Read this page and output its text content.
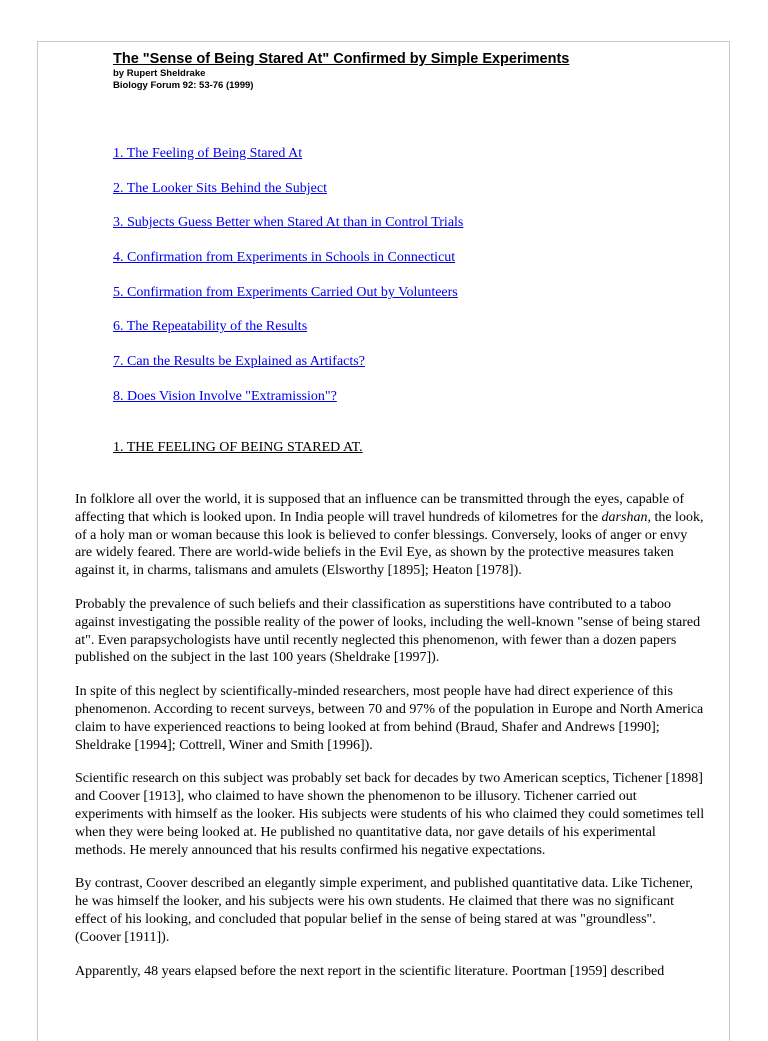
The "Sense of Being Stared At" Confirmed by Simple Experiments
by Rupert Sheldrake
Biology Forum 92: 53-76 (1999)
1. The Feeling of Being Stared At
2. The Looker Sits Behind the Subject
3. Subjects Guess Better when Stared At than in Control Trials
4. Confirmation from Experiments in Schools in Connecticut
5. Confirmation from Experiments Carried Out by Volunteers
6. The Repeatability of the Results
7. Can the Results be Explained as Artifacts?
8. Does Vision Involve "Extramission"?
1. THE FEELING OF BEING STARED AT.

In folklore all over the world, it is supposed that an influence can be transmitted through the eyes, capable of affecting that which is looked upon. In India people will travel hundreds of kilometres for the darshan, the look, of a holy man or woman because this look is believed to confer blessings. Conversely, looks of anger or envy are widely feared. There are world-wide beliefs in the Evil Eye, as shown by the protective measures taken against it, in charms, talismans and amulets (Elsworthy [1895]; Heaton [1978]).

Probably the prevalence of such beliefs and their classification as superstitions have contributed to a taboo against investigating the possible reality of the power of looks, including the well-known "sense of being stared at". Even parapsychologists have until recently neglected this phenomenon, with fewer than a dozen papers published on the subject in the last 100 years (Sheldrake [1997]).

In spite of this neglect by scientifically-minded researchers, most people have had direct experience of this phenomenon. According to recent surveys, between 70 and 97% of the population in Europe and North America claim to have experienced reactions to being looked at from behind (Braud, Shafer and Andrews [1990]; Sheldrake [1994]; Cottrell, Winer and Smith [1996]).

Scientific research on this subject was probably set back for decades by two American sceptics, Tichener [1898] and Coover [1913], who claimed to have shown the phenomenon to be illusory. Tichener carried out experiments with himself as the looker. His subjects were students of his who claimed they could sometimes tell when they were being looked at. He published no quantitative data, nor gave details of his experimental methods. He merely announced that his results confirmed his negative expectations.

By contrast, Coover described an elegantly simple experiment, and published quantitative data. Like Tichener, he was himself the looker, and his subjects were his own students. He claimed that there was no significant effect of his looking, and concluded that popular belief in the sense of being stared at was "groundless". (Coover [1911]).

Apparently, 48 years elapsed before the next report in the scientific literature. Poortman [1959] described
